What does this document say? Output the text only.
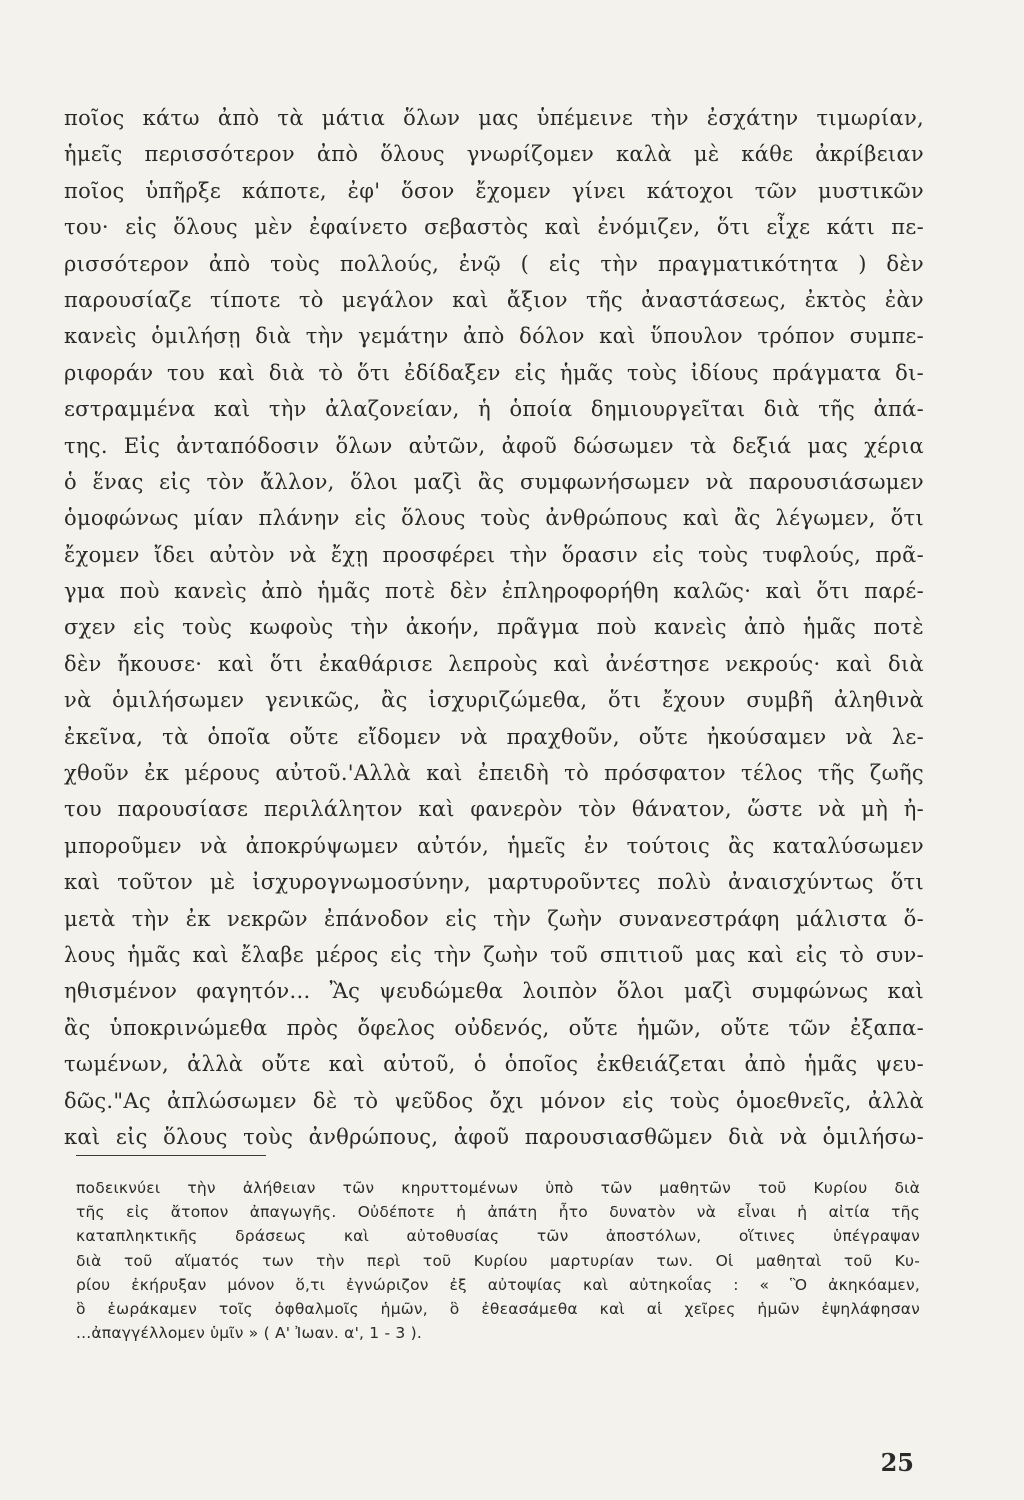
ποῖος κάτω ἀπὸ τὰ μάτια ὅλων μας ὑπέμεινε τὴν ἐσχάτην τιμωρίαν,
ἡμεῖς περισσότερον ἀπὸ ὅλους γνωρίζομεν καλὰ μὲ κάθε ἀκρίβειαν
ποῖος ὑπῆρξε κάποτε, ἐφ' ὅσον ἔχομεν γίνει κάτοχοι τῶν μυστικῶν
του· εἰς ὅλους μὲν ἐφαίνετο σεβαστὸς καὶ ἐνόμιζεν, ὅτι εἶχε κάτι πε-
ρισσότερον ἀπὸ τοὺς πολλούς, ἐνῷ ( εἰς τὴν πραγματικότητα ) δὲν
παρουσίαζε τίποτε τὸ μεγάλον καὶ ἄξιον τῆς ἀναστάσεως, ἐκτὸς ἐὰν
κανεὶς ὁμιλήσῃ διὰ τὴν γεμάτην ἀπὸ δόλον καὶ ὕπουλον τρόπον συμπε-
ριφοράν του καὶ διὰ τὸ ὅτι ἐδίδαξεν εἰς ἡμᾶς τοὺς ἰδίους πράγματα δι-
εστραμμένα καὶ τὴν ἀλαζονείαν, ἡ ὁποία δημιουργεῖται διὰ τῆς ἀπά-
της. Εἰς ἀνταπόδοσιν ὅλων αὐτῶν, ἀφοῦ δώσωμεν τὰ δεξιά μας χέρια
ὁ ἕνας εἰς τὸν ἄλλον, ὅλοι μαζὶ ἂς συμφωνήσωμεν νὰ παρουσιάσωμεν
ὁμοφώνως μίαν πλάνην εἰς ὅλους τοὺς ἀνθρώπους καὶ ἂς λέγωμεν, ὅτι
ἔχομεν ἴδει αὐτὸν νὰ ἔχῃ προσφέρει τὴν ὅρασιν εἰς τοὺς τυφλούς, πρᾶ-
γμα ποὺ κανεὶς ἀπὸ ἡμᾶς ποτὲ δὲν ἐπληροφορήθη καλῶς· καὶ ὅτι παρέ-
σχεν εἰς τοὺς κωφοὺς τὴν ἀκοήν, πρᾶγμα ποὺ κανεὶς ἀπὸ ἡμᾶς ποτὲ
δὲν ἤκουσε· καὶ ὅτι ἐκαθάρισε λεπροὺς καὶ ἀνέστησε νεκρούς· καὶ διὰ
νὰ ὁμιλήσωμεν γενικῶς, ἂς ἰσχυριζώμεθα, ὅτι ἔχουν συμβῆ ἀληθινὰ
ἐκεῖνα, τὰ ὁποῖα οὔτε εἴδομεν νὰ πραχθοῦν, οὔτε ἠκούσαμεν νὰ λε-
χθοῦν ἐκ μέρους αὐτοῦ.'Αλλὰ καὶ ἐπειδὴ τὸ πρόσφατον τέλος τῆς ζωῆς
του παρουσίασε περιλάλητον καὶ φανερὸν τὸν θάνατον, ὥστε νὰ μὴ ἠ-
μποροῦμεν νὰ ἀποκρύψωμεν αὐτόν, ἡμεῖς ἐν τούτοις ἂς καταλύσωμεν
καὶ τοῦτον μὲ ἰσχυρογνωμοσύνην, μαρτυροῦντες πολὺ ἀναισχύντως ὅτι
μετὰ τὴν ἐκ νεκρῶν ἐπάνοδον εἰς τὴν ζωὴν συνανεστράφη μάλιστα ὅ-
λους ἡμᾶς καὶ ἔλαβε μέρος εἰς τὴν ζωὴν τοῦ σπιτιοῦ μας καὶ εἰς τὸ συν-
ηθισμένον φαγητόν... Ἂς ψευδώμεθα λοιπὸν ὅλοι μαζὶ συμφώνως καὶ
ἂς ὑποκρινώμεθα πρὸς ὄφελος οὐδενός, οὔτε ἡμῶν, οὔτε τῶν ἐξαπα-
τωμένων, ἀλλὰ οὔτε καὶ αὐτοῦ, ὁ ὁποῖος ἐκθειάζεται ἀπὸ ἡμᾶς ψευ-
δῶς."Ας ἀπλώσωμεν δὲ τὸ ψεῦδος ὄχι μόνον εἰς τοὺς ὁμοεθνεῖς, ἀλλὰ
καὶ εἰς ὅλους τοὺς ἀνθρώπους, ἀφοῦ παρουσιασθῶμεν διὰ νὰ ὁμιλήσω-
ποδεικνύει τὴν ἀλήθειαν τῶν κηρυττομένων ὑπὸ τῶν μαθητῶν τοῦ Κυρίου διὰ
τῆς εἰς ἄτοπον ἀπαγωγῆς. Οὐδέποτε ἡ ἀπάτη ἦτο δυνατὸν νὰ εἶναι ἡ αἰτία τῆς
καταπληκτικῆς δράσεως καὶ αὐτοθυσίας τῶν ἀποστόλων, οἵτινες ὑπέγραψαν
διὰ τοῦ αἵματός των τὴν περὶ τοῦ Κυρίου μαρτυρίαν των. Οἱ μαθηταὶ τοῦ Κυ-
ρίου ἐκήρυξαν μόνον ὅ,τι ἐγνώριζον ἐξ αὐτοψίας καὶ αὐτηκοΐας : « Ὃ ἀκηκόαμεν,
ὃ ἑωράκαμεν τοῖς ὀφθαλμοῖς ἡμῶν, ὃ ἐθεασάμεθα καὶ αἱ χεῖρες ἡμῶν ἐψηλάφησαν
...ἀπαγγέλλομεν ὑμῖν » ( Α' Ἰωαν. α', 1 - 3 ).
25
